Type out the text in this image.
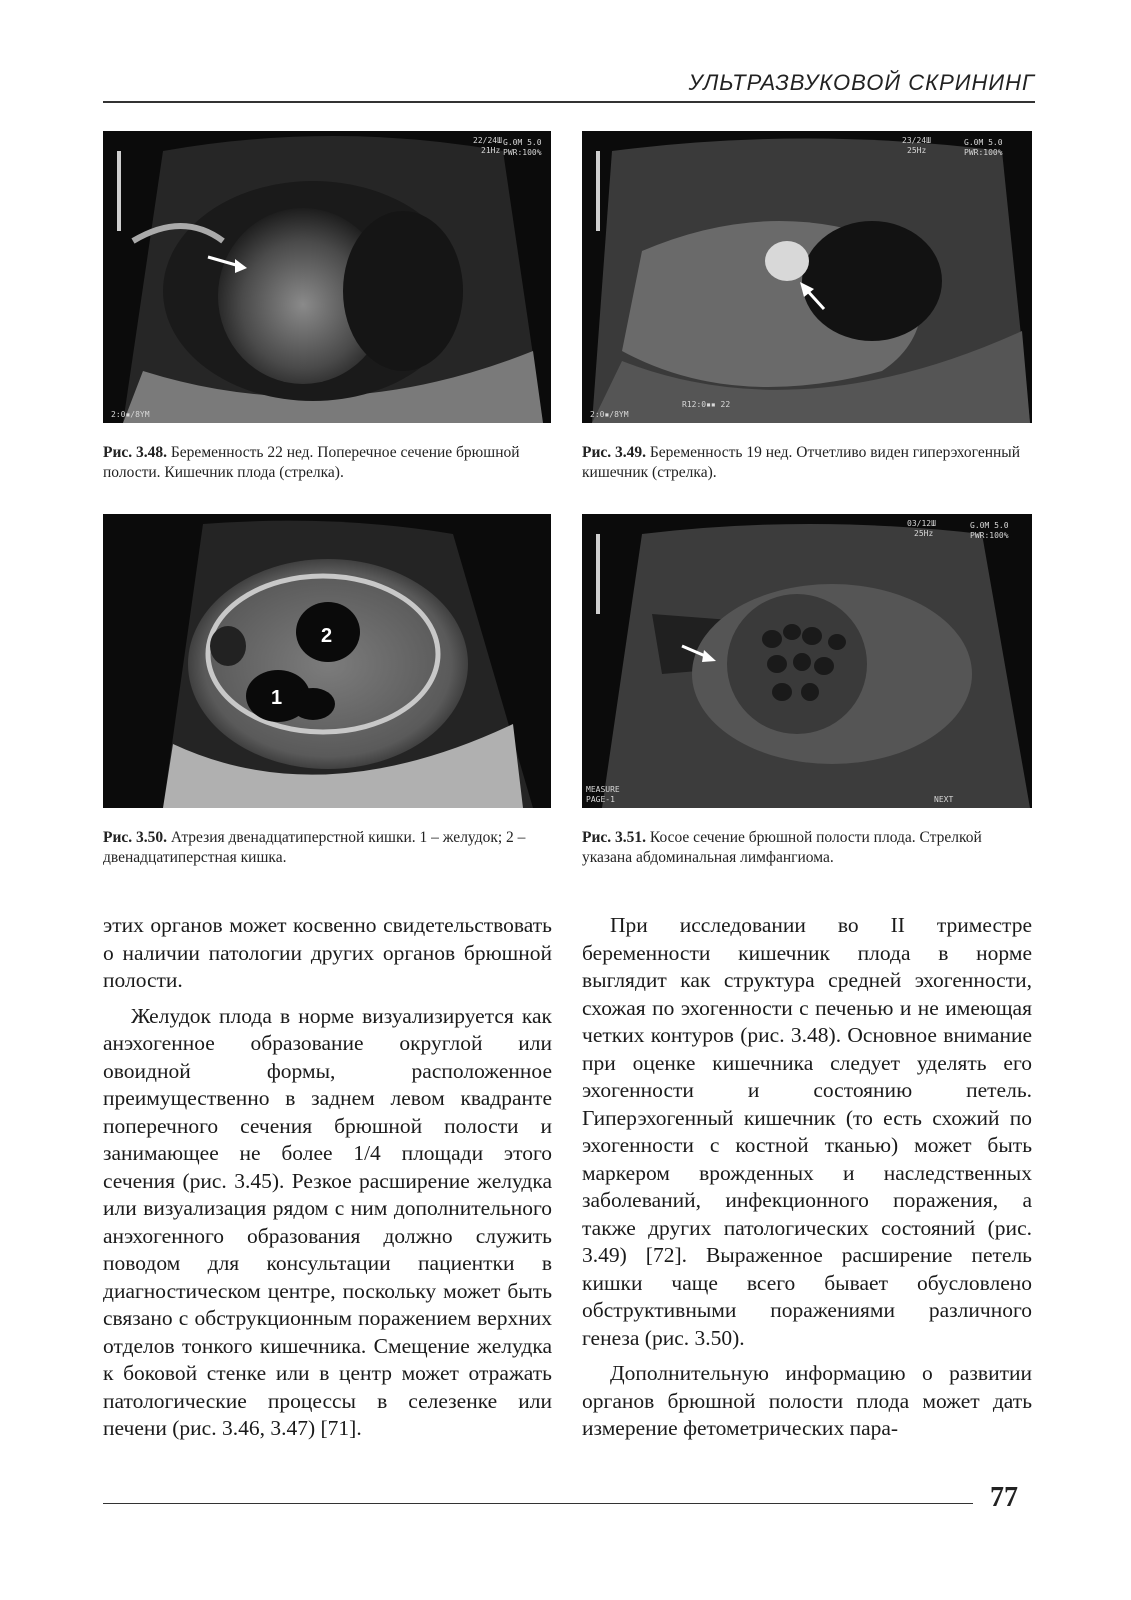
УЛЬТРАЗВУКОВОЙ СКРИНИНГ
22/24Ш
21Hz
G.0M 5.0
PWR:100%
2:0▪/8YM
Рис. 3.48. Беременность 22 нед. Поперечное сечение брюшной полости. Кишечник плода (стрелка).
23/24Ш
25Hz
G.0M 5.0
PWR:100%
2:0▪/8YM
R12:0▪▪ 22
Рис. 3.49. Беременность 19 нед. Отчетливо виден гиперэхогенный кишечник (стрелка).
2
1
Рис. 3.50. Атрезия двенадцатиперстной кишки. 1 – желудок; 2 – двенадцатиперстная кишка.
03/12Ш
25Hz
G.0M 5.0
PWR:100%
MEASURE
PAGE-1	NEXT
Рис. 3.51. Косое сечение брюшной полости плода. Стрелкой указана абдоминальная лимфангиома.

этих органов может косвенно свидетельствовать о наличии патологии других органов брюшной полости.

Желудок плода в норме визуализируется как анэхогенное образование округлой или овоидной формы, расположенное преимущественно в заднем левом квадранте поперечного сечения брюшной полости и занимающее не более 1/4 площади этого сечения (рис. 3.45). Резкое расширение желудка или визуализация рядом с ним дополнительного анэхогенного образования должно служить поводом для консультации пациентки в диагностическом центре, поскольку может быть связано с обструкционным поражением верхних отделов тонкого кишечника. Смещение желудка к боковой стенке или в центр может отражать патологические процессы в селезенке или печени (рис. 3.46, 3.47) [71].

При исследовании во II триместре беременности кишечник плода в норме выглядит как структура средней эхогенности, схожая по эхогенности с печенью и не имеющая четких контуров (рис. 3.48). Основное внимание при оценке кишечника следует уделять его эхогенности и состоянию петель. Гиперэхогенный кишечник (то есть схожий по эхогенности с костной тканью) может быть маркером врожденных и наследственных заболеваний, инфекционного поражения, а также других патологических состояний (рис. 3.49) [72]. Выраженное расширение петель кишки чаще всего бывает обусловлено обструктивными поражениями различного генеза (рис. 3.50).

Дополнительную информацию о развитии органов брюшной полости плода может дать измерение фетометрических пара-

77
